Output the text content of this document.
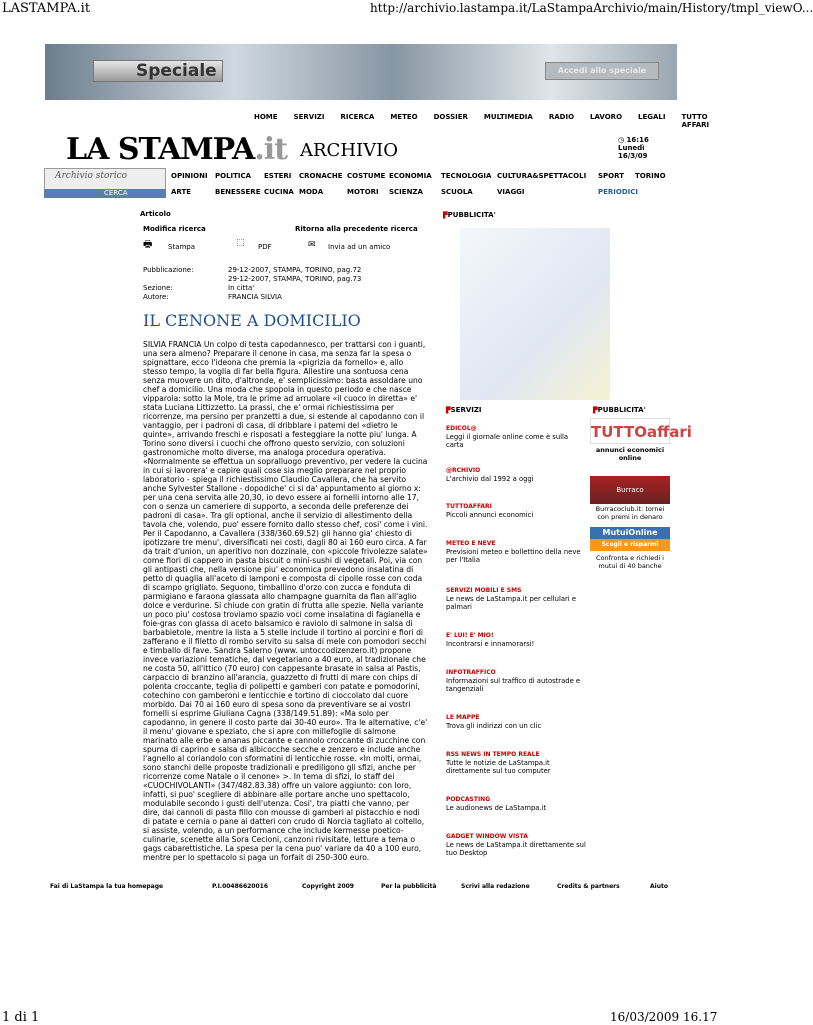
LASTAMPA.it	http://archivio.lastampa.it/LaStampaArchivio/main/History/tmpl_viewO...
Speciale	Accedi allo speciale
HOME SERVIZI RICERCA METEO DOSSIER MULTIMEDIA RADIO LAVORO LEGALI TUTTO AFFARI
LA STAMPA.it ARCHIVIO	◷ 16:16
Lunedì
16/3/09
Archivio storico
CERCA
OPINIONI POLITICA ESTERI CRONACHE COSTUME ECONOMIA TECNOLOGIA CULTURA&SPETTACOLI SPORT TORINO
ARTE	BENESSERE CUCINA MODA	MOTORI SCIENZA	SCUOLA	VIAGGI	PERIODICI
Articolo
Modifica ricerca	Ritorna alla precedente ricerca
🖶 Stampa	⬚ PDF	✉ Invia ad un amico
Pubblicazione:	29-12-2007, STAMPA, TORINO, pag.72
29-12-2007, STAMPA, TORINO, pag.73
Sezione:	In citta'
Autore:	FRANCIA SILVIA
IL CENONE A DOMICILIO
SILVIA FRANCIA Un colpo di testa capodannesco, per trattarsi con i guanti, una sera almeno? Preparare il cenone in casa, ma senza far la spesa o spignattare, ecco l'ideona che premia la «pigrizia da fornello» e, allo stesso tempo, la voglia di far bella figura. Allestire una sontuosa cena senza muovere un dito, d'altronde, e' semplicissimo: basta assoldare uno chef a domicilio. Una moda che spopola in questo periodo e che nasce vipparola: sotto la Mole, tra le prime ad arruolare «il cuoco in diretta» e' stata Luciana Littizzetto. La prassi, che e' ormai richiestissima per ricorrenze, ma persino per pranzetti a due, si estende al capodanno con il vantaggio, per i padroni di casa, di dribblare i patemi del «dietro le quinte», arrivando freschi e risposati a festeggiare la notte piu' lunga. A Torino sono diversi i cuochi che offrono questo servizio, con soluzioni gastronomiche molto diverse, ma analoga procedura operativa. «Normalmente se effettua un sopralluogo preventivo, per vedere la cucina in cui si lavorera' e capire quali cose sia meglio preparare nel proprio laboratorio - spiega il richiestissimo Claudio Cavallera, che ha servito anche Sylvester Stallone - dopodiche' ci si da' appuntamento al giorno x: per una cena servita alle 20,30, io devo essere ai fornelli intorno alle 17, con o senza un cameriere di supporto, a seconda delle preferenze dei padroni di casa». Tra gli optional, anche il servizio di allestimento della tavola che, volendo, puo' essere fornito dallo stesso chef, cosi' come i vini. Per il Capodanno, a Cavallera (338/360.69.52) gli hanno gia' chiesto di ipotizzare tre menu', diversificati nei costi, dagli 80 ai 160 euro circa. A far da trait d'union, un aperitivo non dozzinale, con «piccole frivolezze salate» come fiori di cappero in pasta biscuit o mini-sushi di vegetali. Poi, via con gli antipasti che, nella versione piu' economica prevedono insalatina di petto di quaglia all'aceto di lamponi e composta di cipolle rosse con coda di scampo grigliato. Seguono, timballino d'orzo con zucca e fonduta di parmigiano e faraona glassata allo champagne guarnita da flan all'aglio dolce e verdurine. Si chiude con gratin di frutta alle spezie. Nella variante un poco piu' costosa troviamo spazio voci come insalatina di fagianella e foie-gras con glassa di aceto balsamico e raviolo di salmone in salsa di barbabietole, mentre la lista a 5 stelle include il tortino ai porcini e fiori di zafferano e il filetto di rombo servito su salsa di mele con pomodori secchi e timballo di fave. Sandra Salerno (www. untoccodizenzero.it) propone invece variazioni tematiche, dal vegetariano a 40 euro, al tradizionale che ne costa 50, all'ittico (70 euro) con cappesante brasate in salsa al Pastis, carpaccio di branzino all'arancia, guazzetto di frutti di mare con chips di polenta croccante, teglia di polipetti e gamberi con patate e pomodorini, cotechino con gamberoni e lenticchie e tortino di cioccolato dal cuore morbido. Dai 70 ai 160 euro di spesa sono da preventivare se ai vostri fornelli si esprime Giuliana Cagna (338/149.51.89): «Ma solo per capodanno, in genere il costo parte dai 30-40 euro». Tra le alternative, c'e' il menu' giovane e speziato, che si apre con millefoglie di salmone marinato alle erbe e ananas piccante e cannolo croccante di zucchine con spuma di caprino e salsa di albicocche secche e zenzero e include anche l'agnello al coriandolo con sformatini di lenticchie rosse. «In molti, ormai, sono stanchi delle proposte tradizionali e prediligono gli sfizi, anche per ricorrenze come Natale o il cenone» >. In tema di sfizi, lo staff dei «CUOCHIVOLANTI» (347/482.83.38) offre un valore aggiunto: con loro, infatti, si puo' scegliere di abbinare alle portare anche uno spettacolo, modulabile secondo i gusti dell'utenza. Cosi', tra piatti che vanno, per dire, dai cannoli di pasta fillo con mousse di gamberi al pistacchio e nodi di patate e cernia o pane ai datteri con crudo di Norcia tagliato al coltello, si assiste, volendo, a un performance che include kermesse poetico-culinarie, scenette alla Sora Cecioni, canzoni rivisitate, letture a tema o gags cabarettistiche. La spesa per la cena puo' variare da 40 a 100 euro, mentre per lo spettacolo si paga un forfait di 250-300 euro.
▛PUBBLICITA'
▛SERVIZI
EDICOL@
Leggi il giornale online come è sulla carta
@RCHIVIO
L'archivio dal 1992 a oggi
TUTTOAFFARI
Piccoli annunci economici
METEO E NEVE
Previsioni meteo e bollettino della neve per l'Italia
SERVIZI MOBILI E SMS
Le news de LaStampa.it per cellulari e palmari
E' LUI! E' MIO!
Incontrarsi e innamorarsi!
INFOTRAFFICO
Informazioni sul traffico di autostrade e tangenziali
LE MAPPE
Trova gli indirizzi con un clic
RSS NEWS IN TEMPO REALE
Tutte le notizie de LaStampa.it direttamente sul tuo computer
PODCASTING
Le audionews de LaStampa.it
GADGET WINDOW VISTA
Le news de LaStampa.it direttamente sul tuo Desktop
▛PUBBLICITA'
TUTTOaffari
annunci economici online
Burraco
Burracoclub.it: tornei con premi in denaro
MutuiOnline
Scegli e risparmi
Confronta e richiedi i mutui di 40 banche
Fai di LaStampa la tua homepage	P.I.00486620016	Copyright 2009	Per la pubblicità	Scrivi alla redazione	Credits & partners	Aiuto
1 di 1	16/03/2009 16.17
